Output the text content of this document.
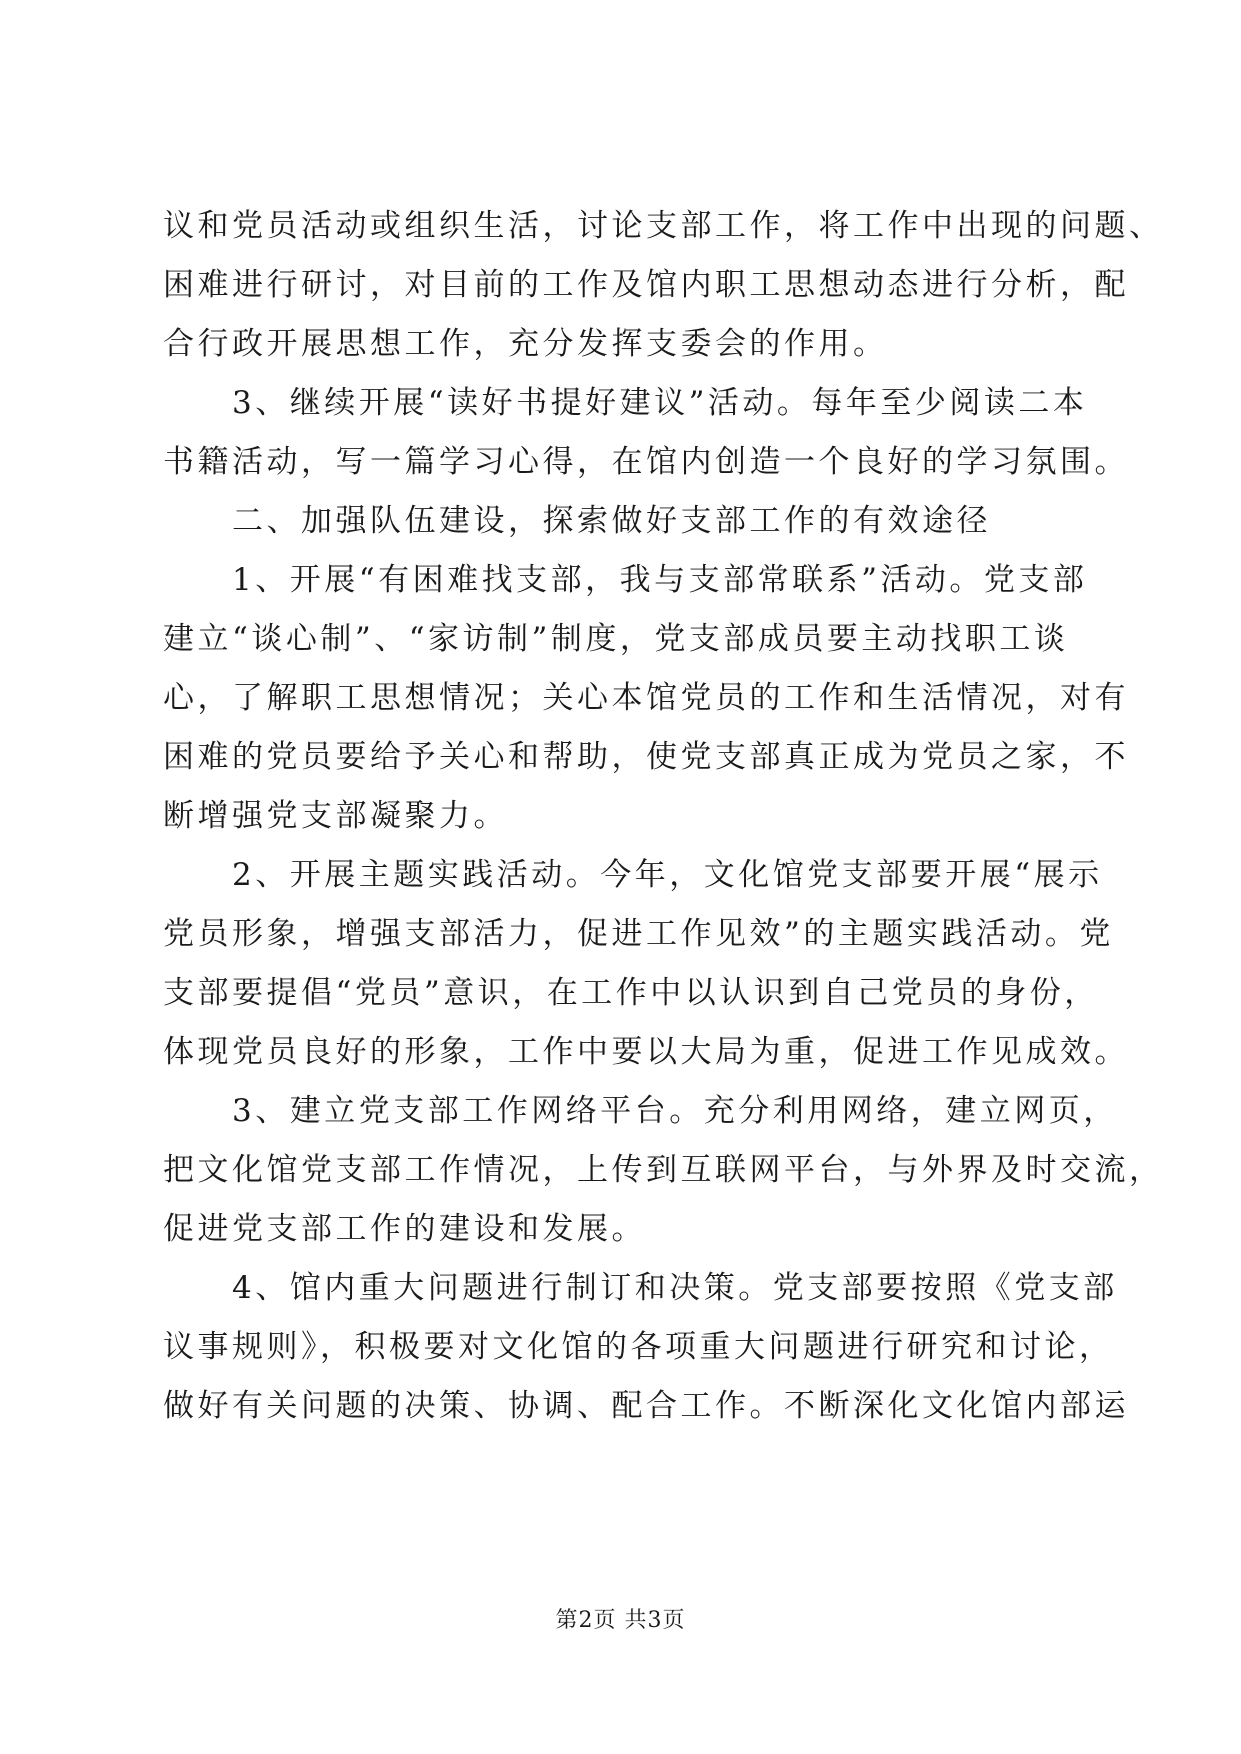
议和党员活动或组织生活，讨论支部工作，将工作中出现的问题、
困难进行研讨，对目前的工作及馆内职工思想动态进行分析，配
合行政开展思想工作，充分发挥支委会的作用。
　　3、继续开展“读好书提好建议”活动。每年至少阅读二本
书籍活动，写一篇学习心得，在馆内创造一个良好的学习氛围。
　　二、加强队伍建设，探索做好支部工作的有效途径
　　1、开展“有困难找支部，我与支部常联系”活动。党支部
建立“谈心制”、“家访制”制度，党支部成员要主动找职工谈
心，了解职工思想情况；关心本馆党员的工作和生活情况，对有
困难的党员要给予关心和帮助，使党支部真正成为党员之家，不
断增强党支部凝聚力。
　　2、开展主题实践活动。今年，文化馆党支部要开展“展示
党员形象，增强支部活力，促进工作见效”的主题实践活动。党
支部要提倡“党员”意识，在工作中以认识到自己党员的身份，
体现党员良好的形象，工作中要以大局为重，促进工作见成效。
　　3、建立党支部工作网络平台。充分利用网络，建立网页，
把文化馆党支部工作情况，上传到互联网平台，与外界及时交流，
促进党支部工作的建设和发展。
　　4、馆内重大问题进行制订和决策。党支部要按照《党支部
议事规则》，积极要对文化馆的各项重大问题进行研究和讨论，
做好有关问题的决策、协调、配合工作。不断深化文化馆内部运
第2页 共3页
